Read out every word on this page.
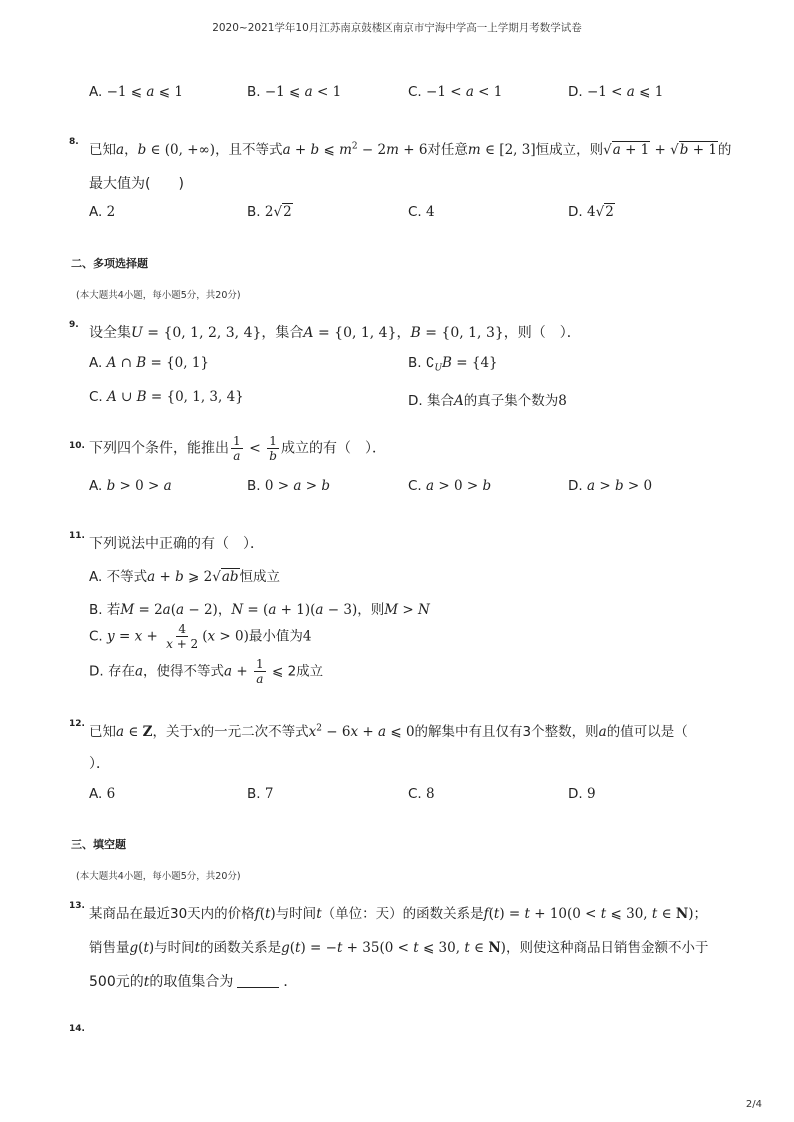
2020~2021学年10月江苏南京鼓楼区南京市宁海中学高一上学期月考数学试卷
A. −1 ⩽ a ⩽ 1	B. −1 ⩽ a < 1	C. −1 < a < 1	D. −1 < a ⩽ 1
8. 已知a，b ∈ (0, +∞)，且不等式a + b ⩽ $m^2 - 2m + 6$对任意m ∈ [2, 3]恒成立，则√a + 1 + √b + 1的
最大值为(　　)
A. 2	B. 2√2	C. 4	D. 4√2
二、多项选择题
(本大题共4小题，每小题5分，共20分)
9. 设全集U = {0, 1, 2, 3, 4}，集合A = {0, 1, 4}，B = {0, 1, 3}，则（　）．
A. A ∩ B = {0, 1}	B. $∁_UB = \{4\}$
C. A ∪ B = {0, 1, 3, 4}	D. 集合A的真子集个数为8
10. 下列四个条件，能推出 $\frac{1}{a} < \frac{1}{b}$ 成立的有（　）．
A. b > 0 > a	B. 0 > a > b	C. a > 0 > b	D. a > b > 0
11. 下列说法中正确的有（　）．
A. 不等式a + b ⩾ 2√ab恒成立
B. 若M = 2a(a − 2)，N = (a + 1)(a − 3)，则M > N
C. $y = x + \frac{4}{x + 2} (x > 0)$最小值为4
D. 存在a，使得不等式$a + \frac{1}{a}$ ⩽ 2成立
12. 已知a ∈ Z，关于x的一元二次不等式$x^2 - 6x + a$ ⩽ 0的解集中有且仅有3个整数，则a的值可以是（
）．
A. 6	B. 7	C. 8	D. 9
三、填空题
(本大题共4小题，每小题5分，共20分)
13. 某商品在最近30天内的价格f(t)与时间t（单位：天）的函数关系是f(t) = t + 10(0 < t ⩽ 30, t ∈ N)；
销售量g(t)与时间t的函数关系是g(t) = −t + 35(0 < t ⩽ 30, t ∈ N)，则使这种商品日销售金额不小于
500元的t的取值集合为	．
14.
2/4
